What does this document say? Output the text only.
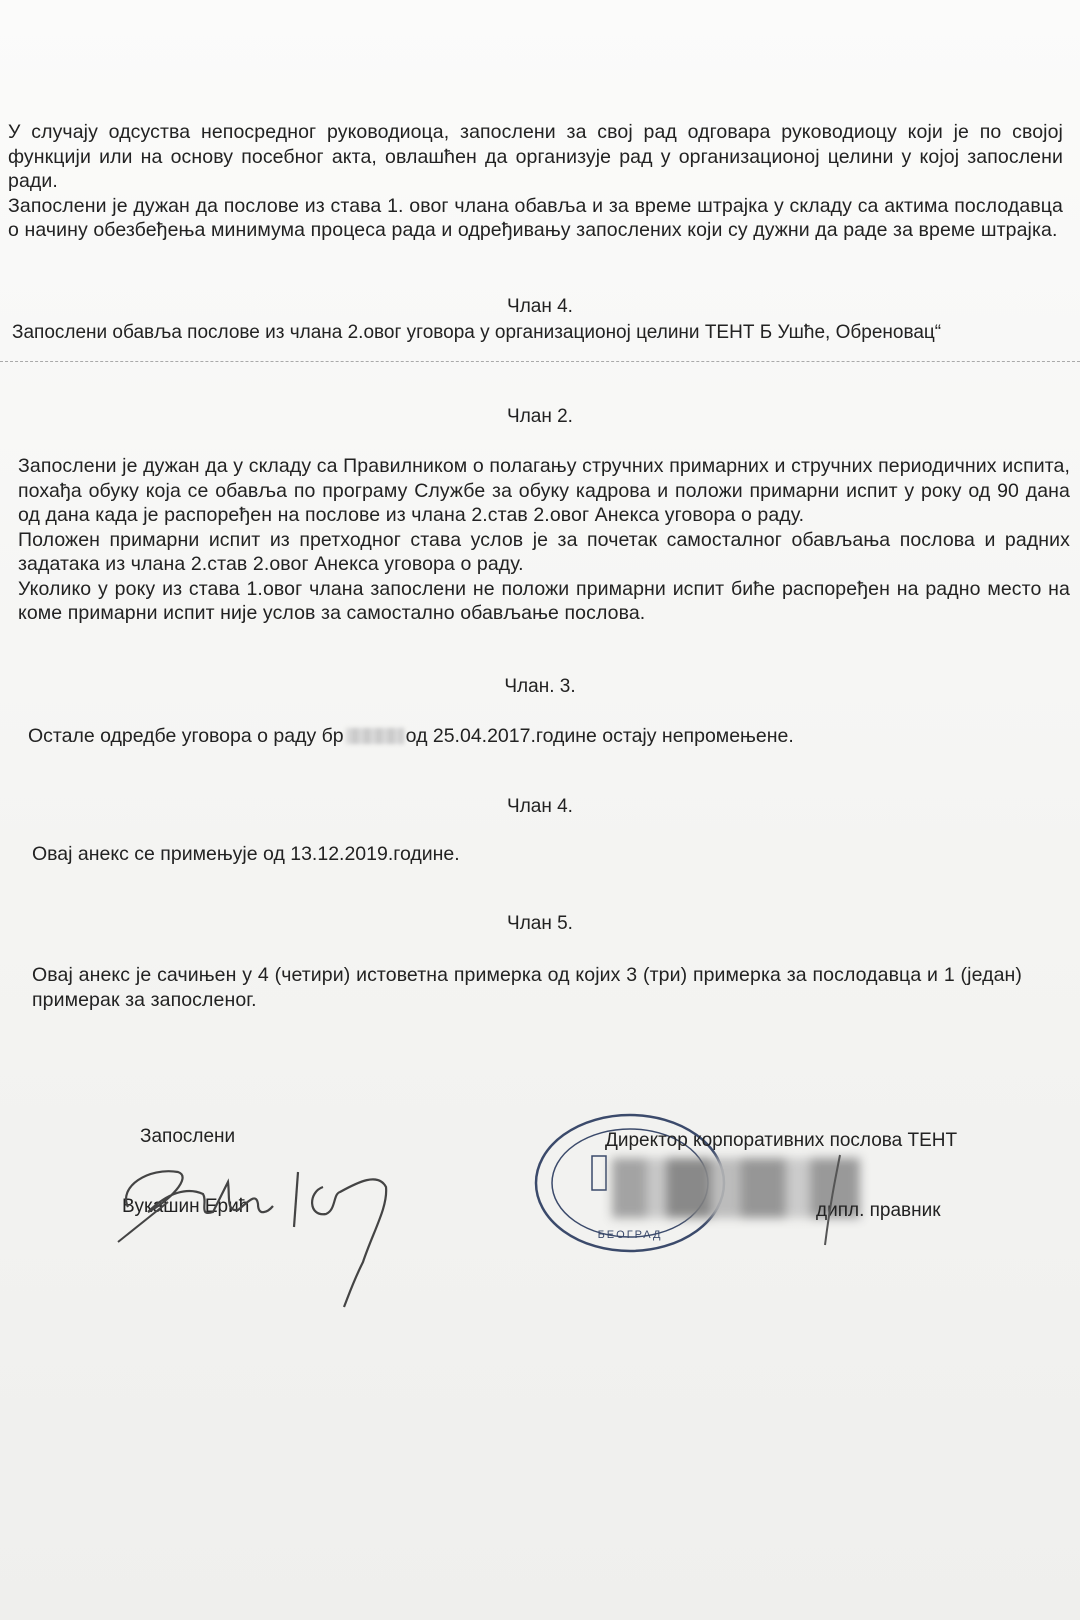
У случају одсуства непосредног руководиоца, запослени за свој рад одговара руководиоцу који је по својој функцији или на основу посебног акта, овлашћен да организује рад у организационој целини у којој запослени ради.

Запослени је дужан да послове из става 1. овог члана обавља и за време штрајка у складу са актима послодавца о начину обезбеђења минимума процеса рада и одређивању запослених који су дужни да раде за време штрајка.

Члан 4.
Запослени обавља послове из члана 2.овог уговора у организационој целини ТЕНТ Б Ушће, Обреновац“
Члан 2.

Запослени је дужан да у складу са Правилником о полагању стручних примарних и стручних периодичних испита, похађа обуку која се обавља по програму Службе за обуку кадрова и положи примарни испит у року од 90 дана од дана када је распоређен на послове из члана 2.став 2.овог Анекса уговора о раду.

Положен примарни испит из претходног става услов је за почетак самосталног обављања послова и радних задатака из члана 2.став 2.овог Анекса уговора о раду.

Уколико у року из става 1.овог члана запослени не положи примарни испит биће распоређен на радно место на коме примарни испит није услов за самостално обављање послова.

Члан. 3.
Остале одредбе уговора о раду бр	од 25.04.2017.године остају непромењене.
Члан 4.
Овај анекс се примењује од 13.12.2019.године.
Члан 5.

Овај анекс је сачињен у 4 (четири) истоветна примерка од којих 3 (три) примерка за послодавца и 1 (један) примерак за запосленог.

Запослени
Вукашин Ерић
БЕОГРАД
Директор корпоративних послова ТЕНТ
дипл. правник
